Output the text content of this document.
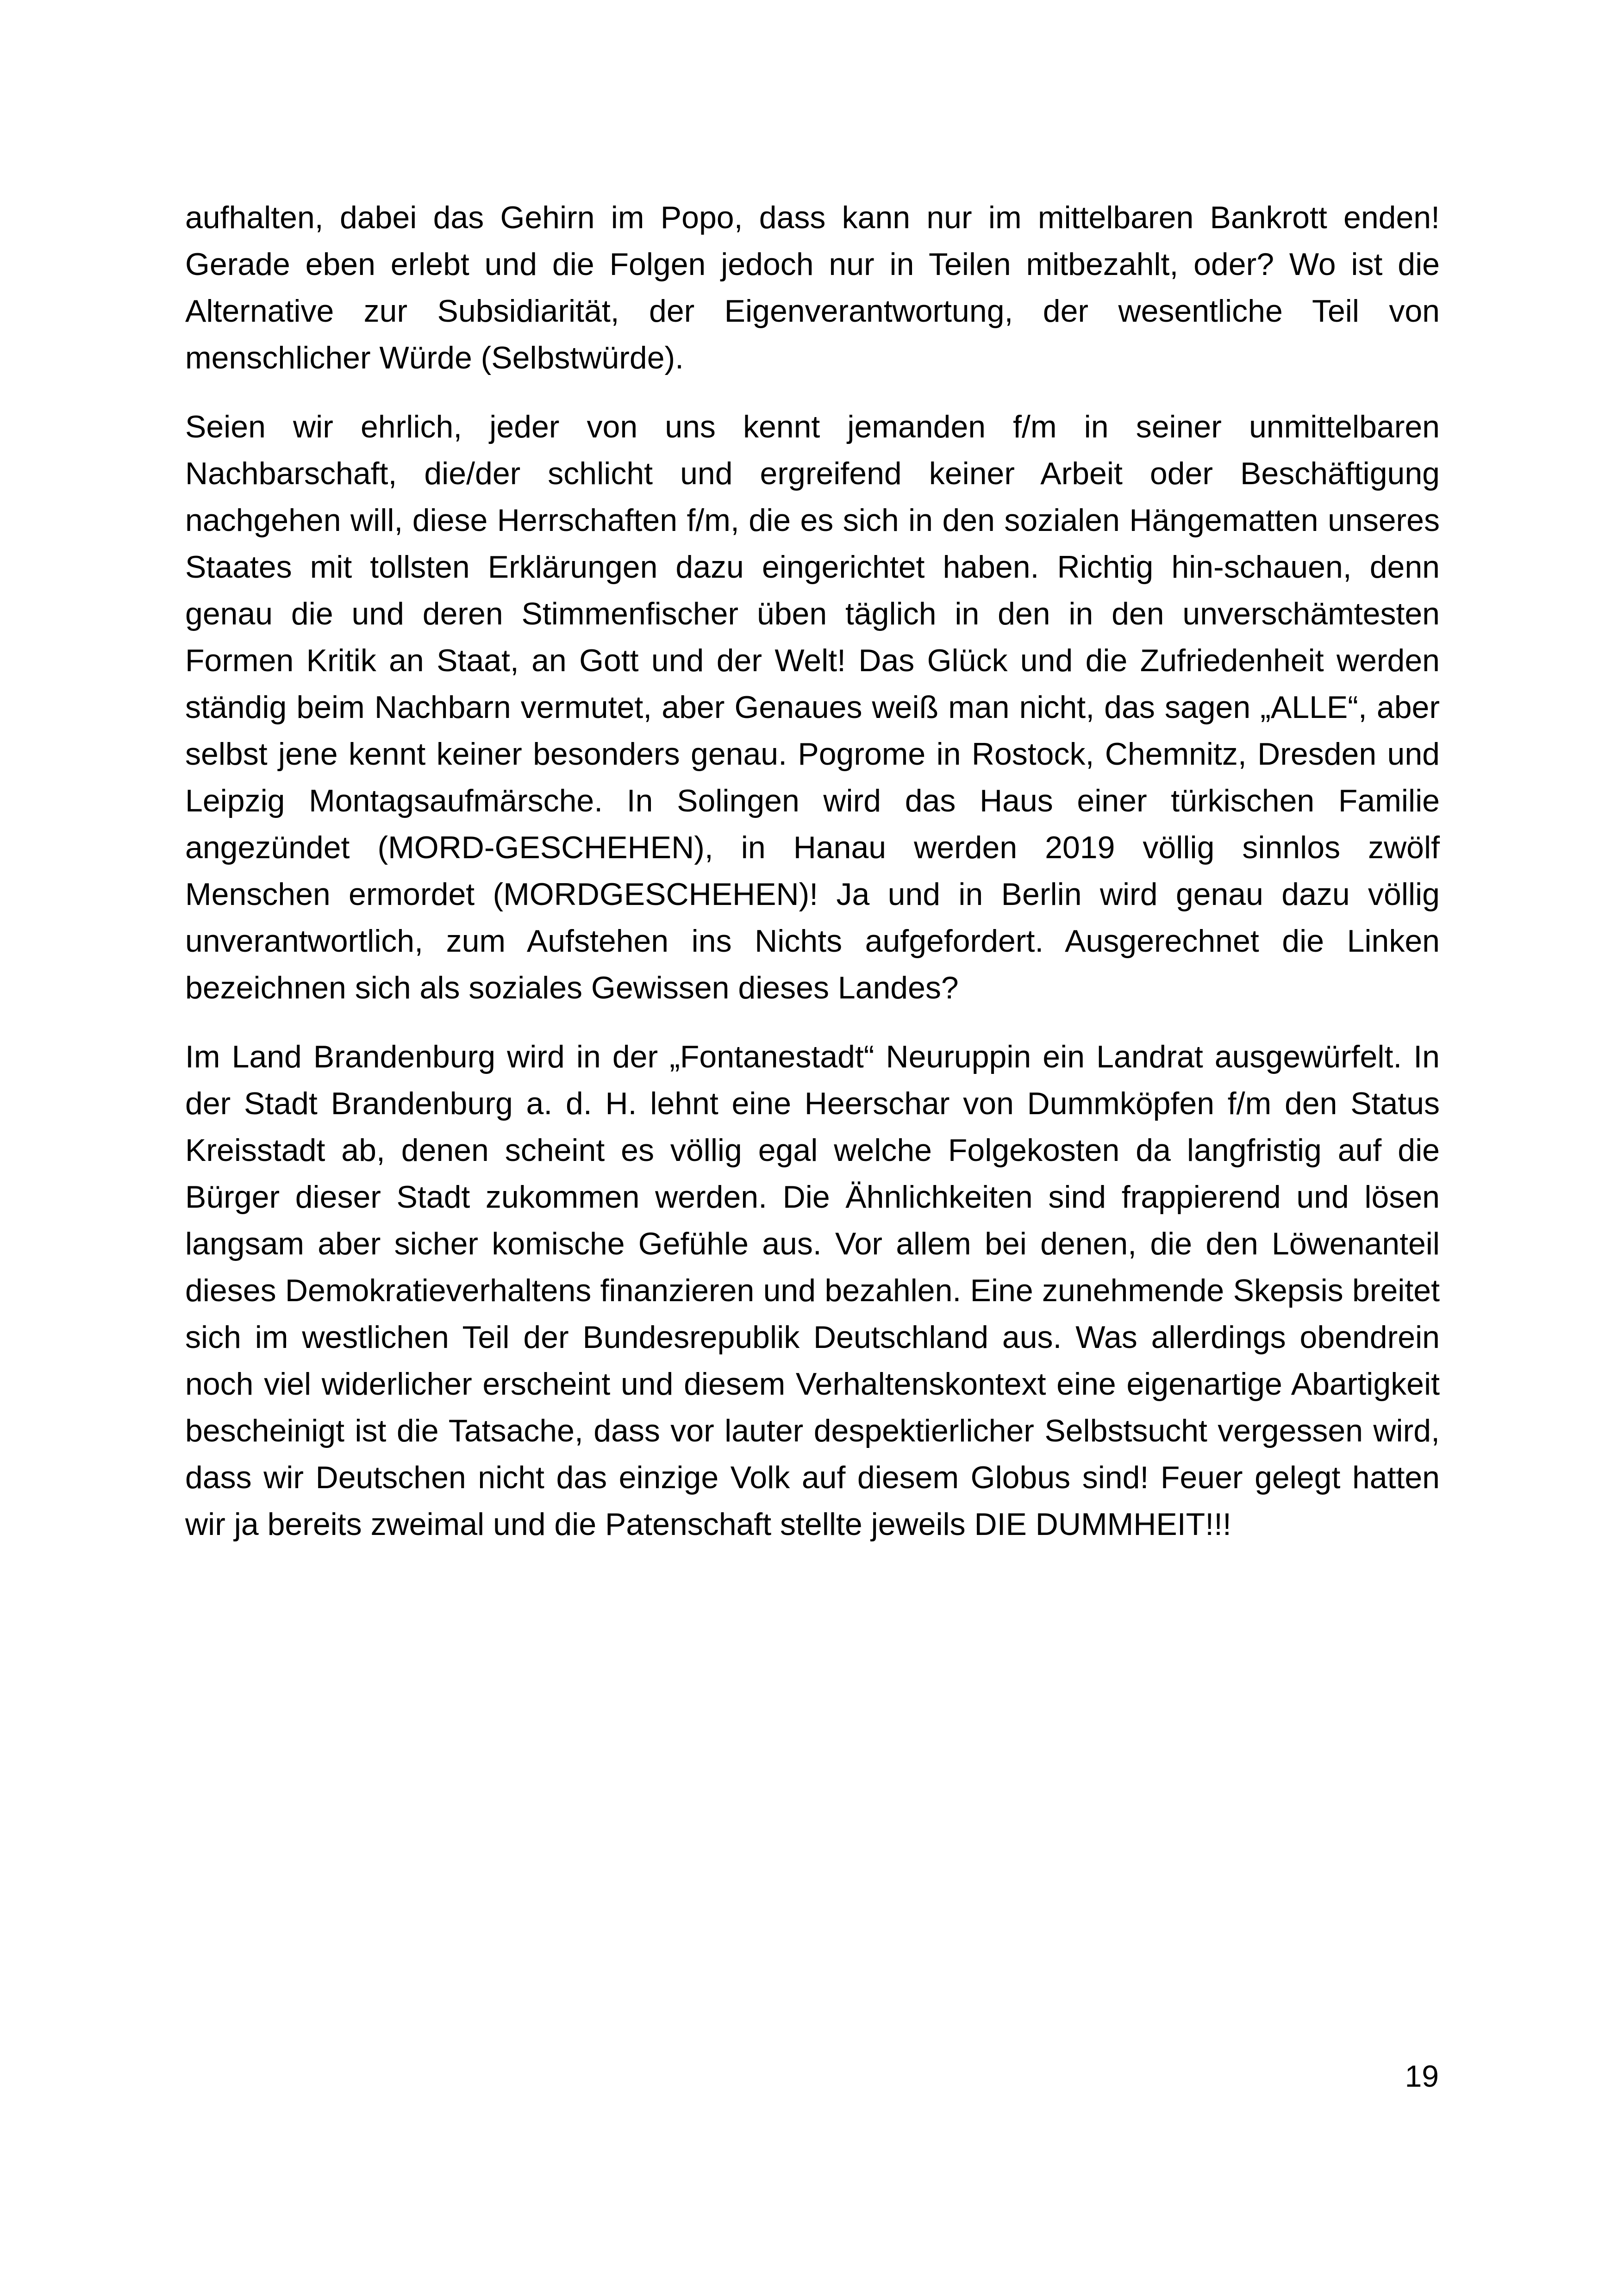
aufhalten, dabei das Gehirn im Popo, dass kann nur im mittelbaren Bankrott enden! Gerade eben erlebt und die Folgen jedoch nur in Teilen mitbezahlt, oder? Wo ist die Alternative zur Subsidiarität, der Eigenverantwortung, der wesentliche Teil von menschlicher Würde (Selbstwürde).

Seien wir ehrlich, jeder von uns kennt jemanden f/m in seiner unmittelbaren Nachbarschaft, die/der schlicht und ergreifend keiner Arbeit oder Beschäftigung nachgehen will, diese Herrschaften f/m, die es sich in den sozialen Hängematten unseres Staates mit tollsten Erklärungen dazu eingerichtet haben. Richtig hin-schauen, denn genau die und deren Stimmenfischer üben täglich in den in den unverschämtesten Formen Kritik an Staat, an Gott und der Welt! Das Glück und die Zufriedenheit werden ständig beim Nachbarn vermutet, aber Genaues weiß man nicht, das sagen „ALLE“, aber selbst jene kennt keiner besonders genau. Pogrome in Rostock, Chemnitz, Dresden und Leipzig Montagsaufmärsche. In Solingen wird das Haus einer türkischen Familie angezündet (MORD-GESCHEHEN), in Hanau werden 2019 völlig sinnlos zwölf Menschen ermordet (MORDGESCHEHEN)! Ja und in Berlin wird genau dazu völlig unverantwortlich, zum Aufstehen ins Nichts aufgefordert. Ausgerechnet die Linken bezeichnen sich als soziales Gewissen dieses Landes?

Im Land Brandenburg wird in der „Fontanestadt“ Neuruppin ein Landrat ausgewürfelt. In der Stadt Brandenburg a. d. H. lehnt eine Heerschar von Dummköpfen f/m den Status Kreisstadt ab, denen scheint es völlig egal welche Folgekosten da langfristig auf die Bürger dieser Stadt zukommen werden. Die Ähnlichkeiten sind frappierend und lösen langsam aber sicher komische Gefühle aus. Vor allem bei denen, die den Löwenanteil dieses Demokratieverhaltens finanzieren und bezahlen. Eine zunehmende Skepsis breitet sich im westlichen Teil der Bundesrepublik Deutschland aus. Was allerdings obendrein noch viel widerlicher erscheint und diesem Verhaltenskontext eine eigenartige Abartigkeit bescheinigt ist die Tatsache, dass vor lauter despektierlicher Selbstsucht vergessen wird, dass wir Deutschen nicht das einzige Volk auf diesem Globus sind! Feuer gelegt hatten wir ja bereits zweimal und die Patenschaft stellte jeweils DIE DUMMHEIT!!!

19
